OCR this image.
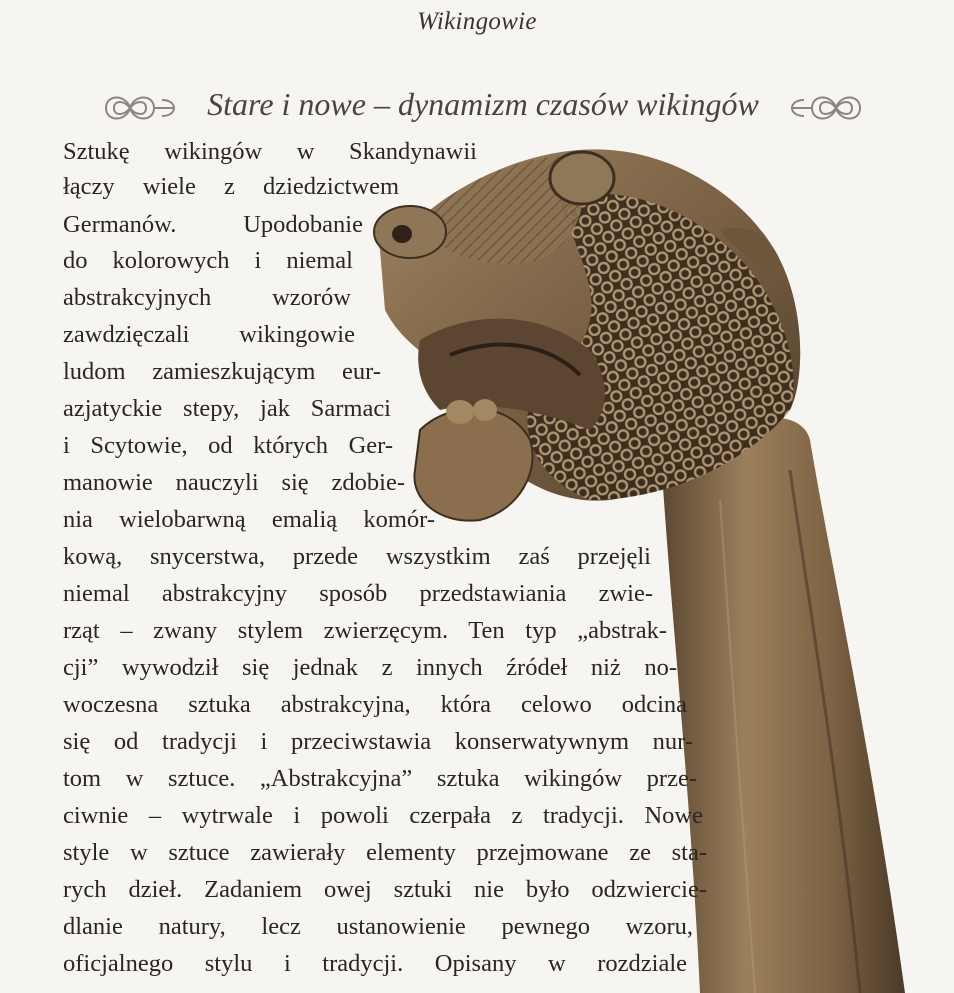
Wikingowie
Stare i nowe – dynamizm czasów wikingów
Sztukę wikingów w Skandynawii
łączy wiele z dziedzictwem
Germanów. Upodobanie
do kolorowych i niemal
abstrakcyjnych wzorów
zawdzięczali wikingowie
ludom zamieszkującym eur-
azjatyckie stepy, jak Sarmaci
i Scytowie, od których Ger-
manowie nauczyli się zdobie-
nia wielobarwną emalią komór-
kową, snycerstwa, przede wszystkim zaś przejęli
niemal abstrakcyjny sposób przedstawiania zwie-
rząt – zwany stylem zwierzęcym. Ten typ „abstrak-
cji” wywodził się jednak z innych źródeł niż no-
woczesna sztuka abstrakcyjna, która celowo odcina
się od tradycji i przeciwstawia konserwatywnym nur-
tom w sztuce. „Abstrakcyjna” sztuka wikingów prze-
ciwnie – wytrwale i powoli czerpała z tradycji. Nowe
style w sztuce zawierały elementy przejmowane ze sta-
rych dzieł. Zadaniem owej sztuki nie było odzwiercie-
dlanie natury, lecz ustanowienie pewnego wzoru,
oficjalnego stylu i tradycji. Opisany w rozdziale
